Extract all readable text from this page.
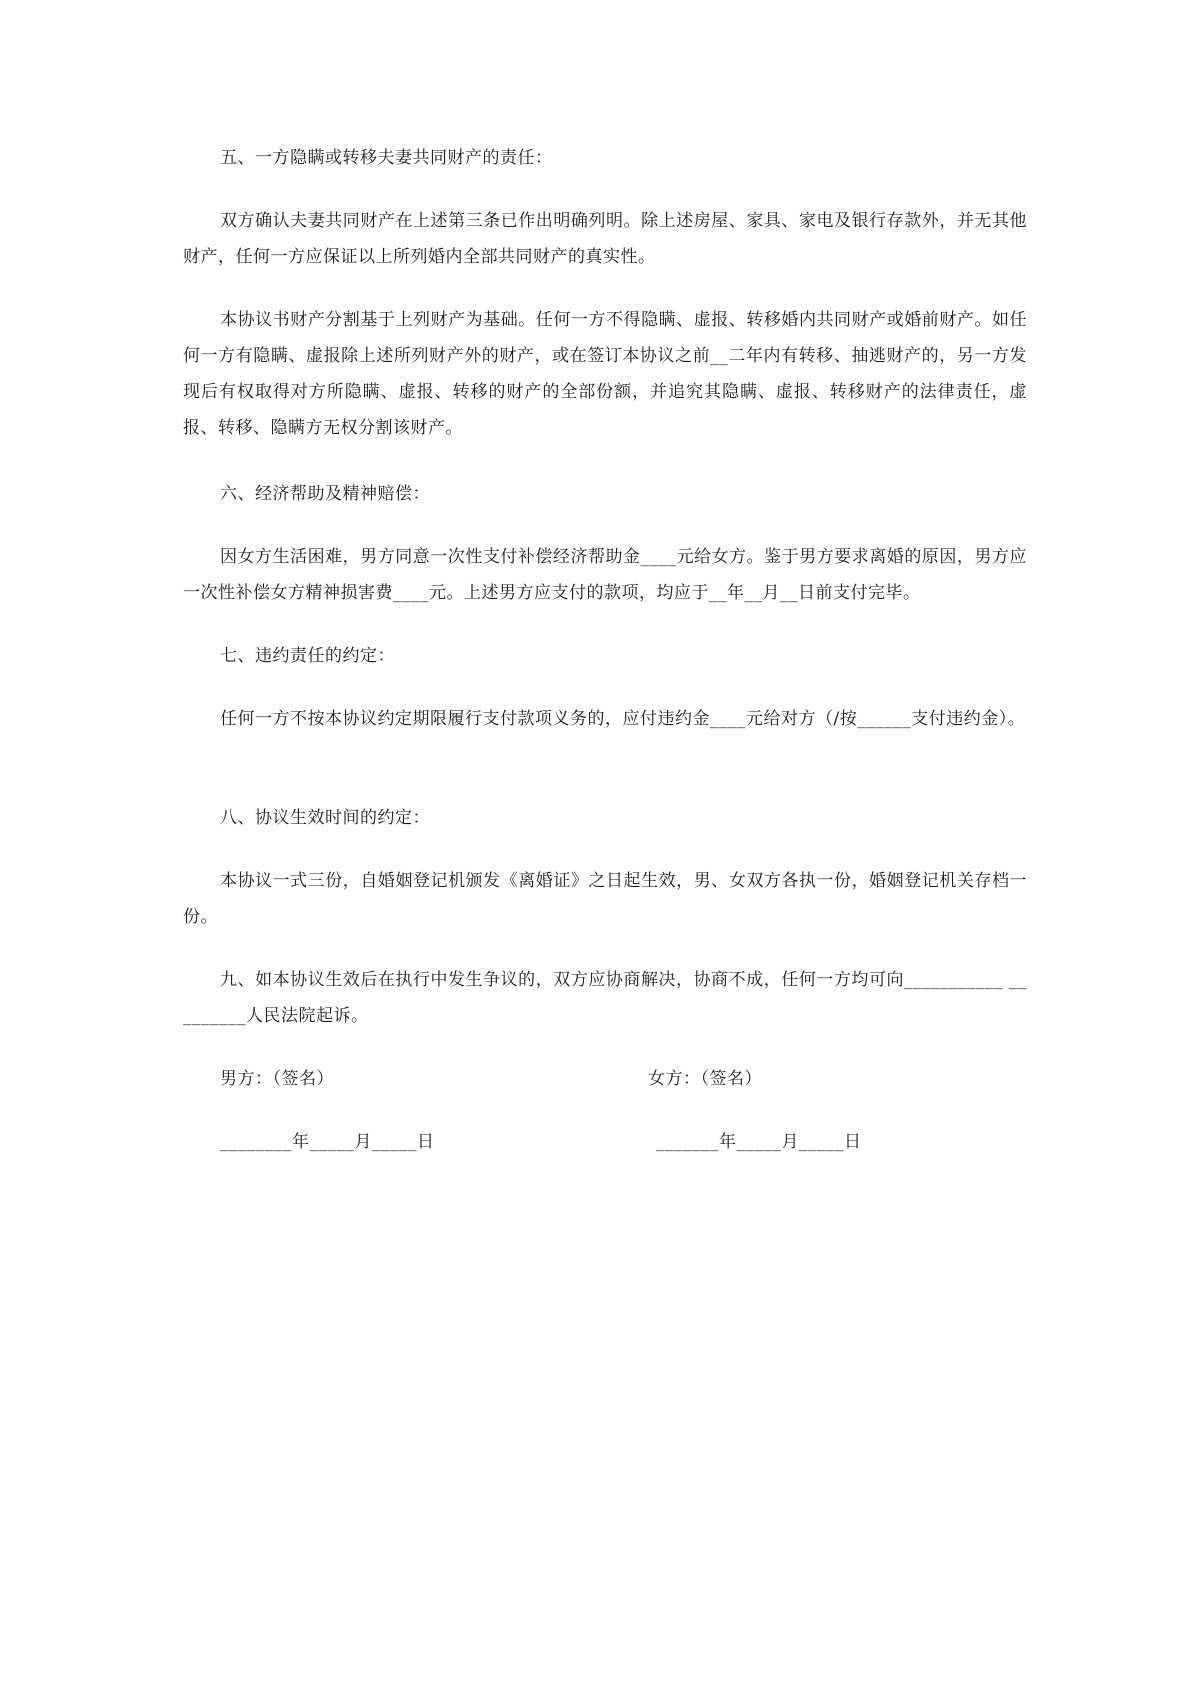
五、一方隐瞒或转移夫妻共同财产的责任：

双方确认夫妻共同财产在上述第三条已作出明确列明。除上述房屋、家具、家电及银行存款外，并无其他财产，任何一方应保证以上所列婚内全部共同财产的真实性。

本协议书财产分割基于上列财产为基础。任何一方不得隐瞒、虚报、转移婚内共同财产或婚前财产。如任何一方有隐瞒、虚报除上述所列财产外的财产，或在签订本协议之前__二年内有转移、抽逃财产的，另一方发现后有权取得对方所隐瞒、虚报、转移的财产的全部份额，并追究其隐瞒、虚报、转移财产的法律责任，虚报、转移、隐瞒方无权分割该财产。

六、经济帮助及精神赔偿：

因女方生活困难，男方同意一次性支付补偿经济帮助金____元给女方。鉴于男方要求离婚的原因，男方应一次性补偿女方精神损害费____元。上述男方应支付的款项，均应于__年__月__日前支付完毕。

七、违约责任的约定：

任何一方不按本协议约定期限履行支付款项义务的，应付违约金____元给对方（/按______支付违约金）。

八、协议生效时间的约定：

本协议一式三份，自婚姻登记机颁发《离婚证》之日起生效，男、女双方各执一份，婚姻登记机关存档一份。

九、如本协议生效后在执行中发生争议的，双方应协商解决，协商不成，任何一方均可向___________ _________人民法院起诉。

男方：（签名）	女方：（签名）

________年_____月_____日	_______年_____月_____日
